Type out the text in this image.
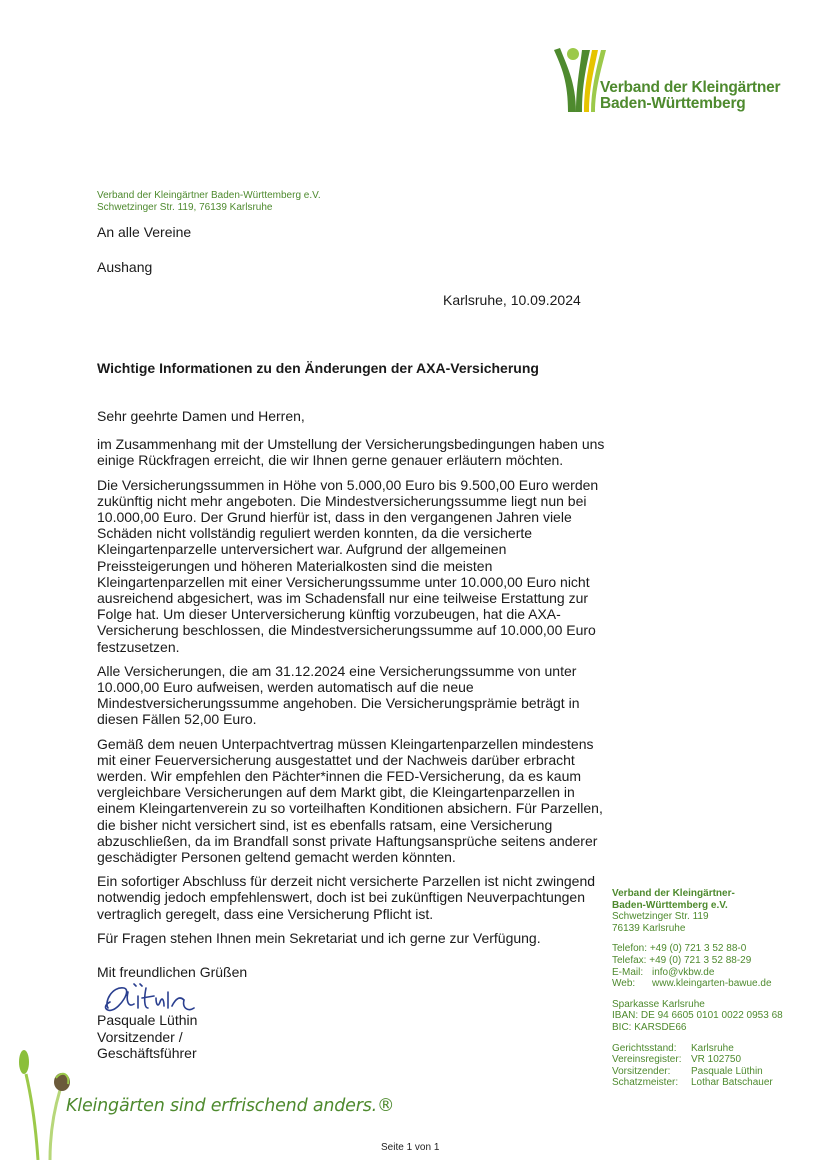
Verband der Kleingärtner
Baden-Württemberg
Verband der Kleingärtner Baden-Württemberg e.V.
Schwetzinger Str. 119, 76139 Karlsruhe
An alle Vereine
Aushang
Karlsruhe, 10.09.2024
Wichtige Informationen zu den Änderungen der AXA-Versicherung

Sehr geehrte Damen und Herren,

im Zusammenhang mit der Umstellung der Versicherungsbedingungen haben uns einige Rückfragen erreicht, die wir Ihnen gerne genauer erläutern möchten.

Die Versicherungssummen in Höhe von 5.000,00 Euro bis 9.500,00 Euro werden zukünftig nicht mehr angeboten. Die Mindestversicherungssumme liegt nun bei 10.000,00 Euro. Der Grund hierfür ist, dass in den vergangenen Jahren viele Schäden nicht vollständig reguliert werden konnten, da die versicherte Kleingartenparzelle unterversichert war. Aufgrund der allgemeinen Preissteigerungen und höheren Materialkosten sind die meisten Kleingartenparzellen mit einer Versicherungssumme unter 10.000,00 Euro nicht ausreichend abgesichert, was im Schadensfall nur eine teilweise Erstattung zur Folge hat. Um dieser Unterversicherung künftig vorzubeugen, hat die AXA-Versicherung beschlossen, die Mindestversicherungssumme auf 10.000,00 Euro festzusetzen.

Alle Versicherungen, die am 31.12.2024 eine Versicherungssumme von unter 10.000,00 Euro aufweisen, werden automatisch auf die neue Mindestversicherungssumme angehoben. Die Versicherungsprämie beträgt in diesen Fällen 52,00 Euro.

Gemäß dem neuen Unterpachtvertrag müssen Kleingartenparzellen mindestens mit einer Feuerversicherung ausgestattet und der Nachweis darüber erbracht werden. Wir empfehlen den Pächter*innen die FED-Versicherung, da es kaum vergleichbare Versicherungen auf dem Markt gibt, die Kleingartenparzellen in einem Kleingartenverein zu so vorteilhaften Konditionen absichern. Für Parzellen, die bisher nicht versichert sind, ist es ebenfalls ratsam, eine Versicherung abzuschließen, da im Brandfall sonst private Haftungsansprüche seitens anderer geschädigter Personen geltend gemacht werden könnten.

Ein sofortiger Abschluss für derzeit nicht versicherte Parzellen ist nicht zwingend notwendig jedoch empfehlenswert, doch ist bei zukünftigen Neuverpachtungen vertraglich geregelt, dass eine Versicherung Pflicht ist.

Für Fragen stehen Ihnen mein Sekretariat und ich gerne zur Verfügung.

Mit freundlichen Grüßen
Pasquale Lüthin
Vorsitzender /
Geschäftsführer
Verband der Kleingärtner-
Baden-Württemberg e.V.
Schwetzinger Str. 119
76139 Karlsruhe
Telefon: +49 (0) 721 3 52 88-0
Telefax: +49 (0) 721 3 52 88-29
E-Mail: info@vkbw.de
Web: www.kleingarten-bawue.de
Sparkasse Karlsruhe
IBAN: DE 94 6605 0101 0022 0953 68
BIC: KARSDE66
Gerichtsstand: Karlsruhe
Vereinsregister: VR 102750
Vorsitzender: Pasquale Lüthin
Schatzmeister: Lothar Batschauer
Kleingärten sind erfrischend anders.®
Seite 1 von 1
